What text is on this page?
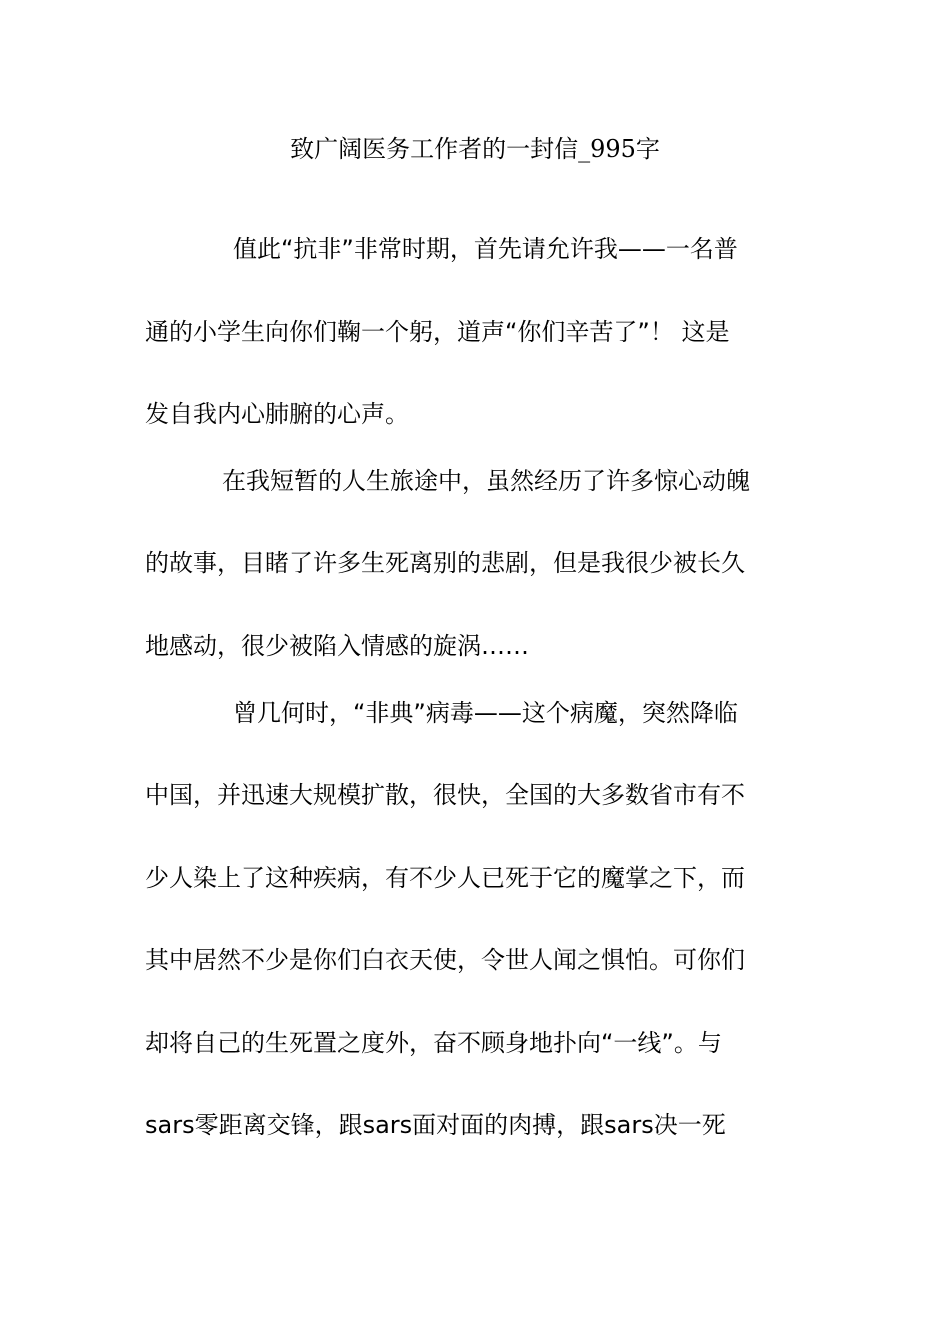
致广阔医务工作者的一封信_995字
值此“抗非”非常时期，首先请允许我——一名普
通的小学生向你们鞠一个躬，道声“你们辛苦了”！ 这是
发自我内心肺腑的心声。
在我短暂的人生旅途中，虽然经历了许多惊心动魄
的故事，目睹了许多生死离别的悲剧，但是我很少被长久
地感动，很少被陷入情感的旋涡……
曾几何时，“非典”病毒——这个病魔，突然降临
中国，并迅速大规模扩散，很快，全国的大多数省市有不
少人染上了这种疾病，有不少人已死于它的魔掌之下，而
其中居然不少是你们白衣天使，令世人闻之惧怕。可你们
却将自己的生死置之度外，奋不顾身地扑向“一线”。与
sars零距离交锋，跟sars面对面的肉搏，跟sars决一死
